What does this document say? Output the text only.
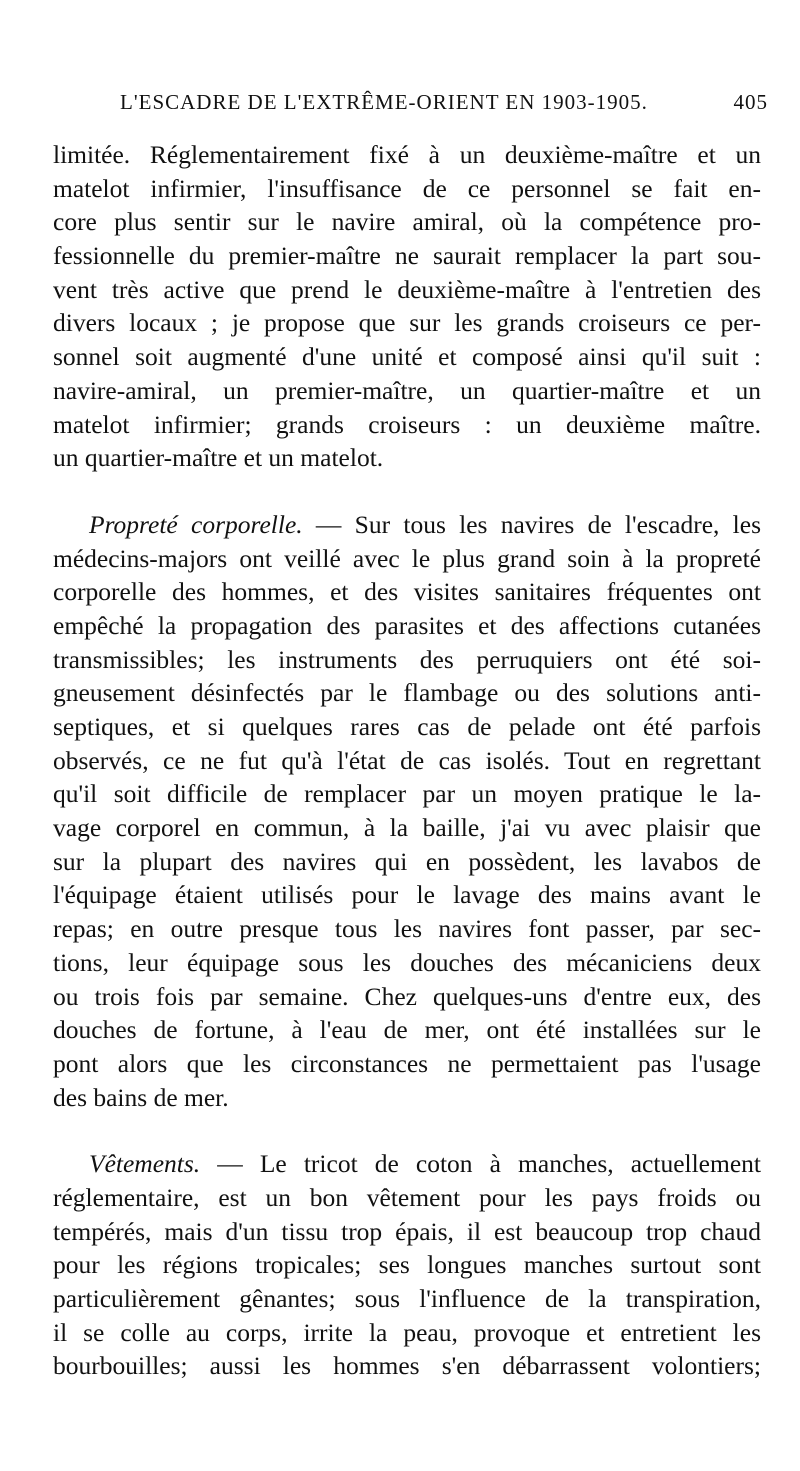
L'ESCADRE DE L'EXTRÊME-ORIENT EN 1903-1905.	405
limitée. Réglementairement fixé à un deuxième-maître et un
matelot infirmier, l'insuffisance de ce personnel se fait en-
core plus sentir sur le navire amiral, où la compétence pro-
fessionnelle du premier-maître ne saurait remplacer la part sou-
vent très active que prend le deuxième-maître à l'entretien des
divers locaux ; je propose que sur les grands croiseurs ce per-
sonnel soit augmenté d'une unité et composé ainsi qu'il suit :
navire-amiral, un premier-maître, un quartier-maître et un
matelot infirmier; grands croiseurs : un deuxième maître.
un quartier-maître et un matelot.
Propreté corporelle. — Sur tous les navires de l'escadre, les
médecins-majors ont veillé avec le plus grand soin à la propreté
corporelle des hommes, et des visites sanitaires fréquentes ont
empêché la propagation des parasites et des affections cutanées
transmissibles; les instruments des perruquiers ont été soi-
gneusement désinfectés par le flambage ou des solutions anti-
septiques, et si quelques rares cas de pelade ont été parfois
observés, ce ne fut qu'à l'état de cas isolés. Tout en regrettant
qu'il soit difficile de remplacer par un moyen pratique le la-
vage corporel en commun, à la baille, j'ai vu avec plaisir que
sur la plupart des navires qui en possèdent, les lavabos de
l'équipage étaient utilisés pour le lavage des mains avant le
repas; en outre presque tous les navires font passer, par sec-
tions, leur équipage sous les douches des mécaniciens deux
ou trois fois par semaine. Chez quelques-uns d'entre eux, des
douches de fortune, à l'eau de mer, ont été installées sur le
pont alors que les circonstances ne permettaient pas l'usage
des bains de mer.
Vêtements. — Le tricot de coton à manches, actuellement
réglementaire, est un bon vêtement pour les pays froids ou
tempérés, mais d'un tissu trop épais, il est beaucoup trop chaud
pour les régions tropicales; ses longues manches surtout sont
particulièrement gênantes; sous l'influence de la transpiration,
il se colle au corps, irrite la peau, provoque et entretient les
bourbouilles; aussi les hommes s'en débarrassent volontiers;
